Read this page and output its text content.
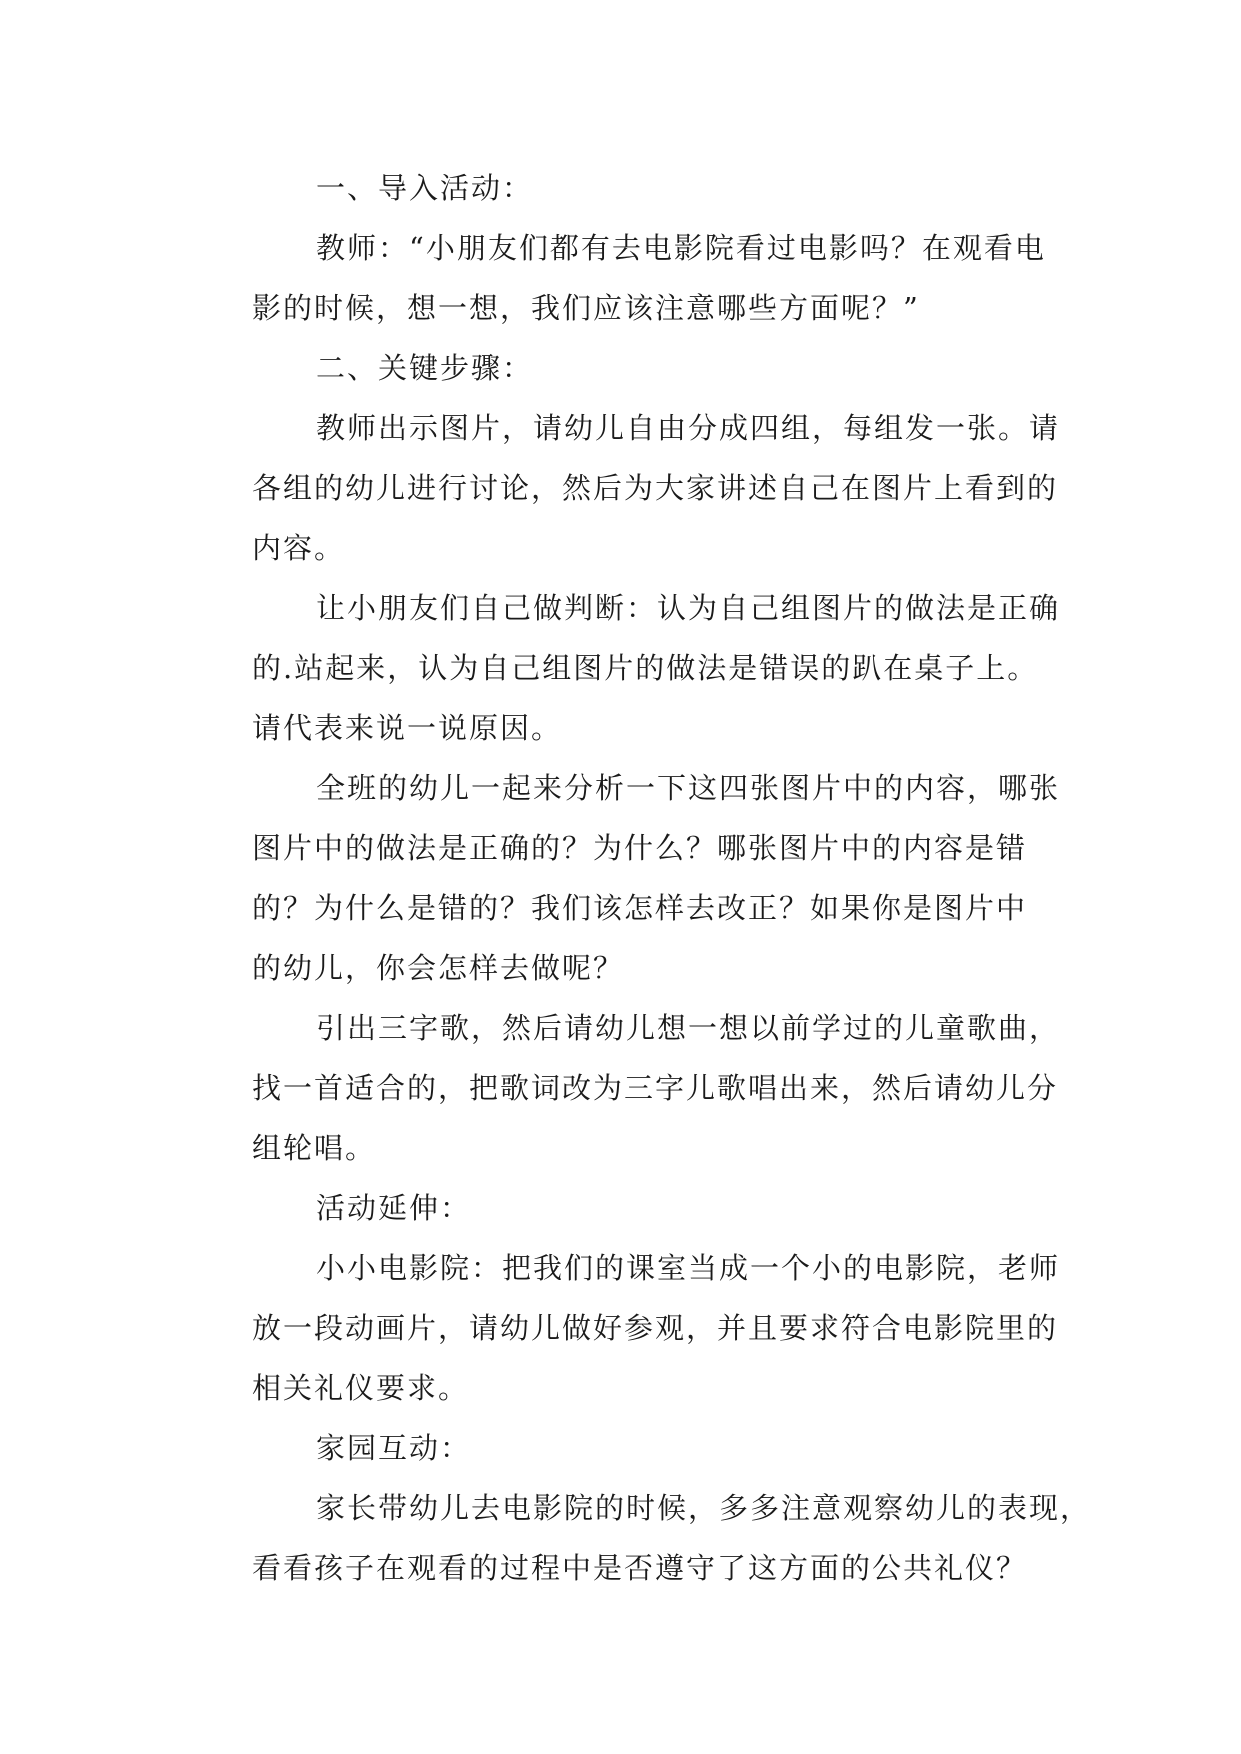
一、导入活动：
教师：“小朋友们都有去电影院看过电影吗？在观看电
影的时候，想一想，我们应该注意哪些方面呢？”
二、关键步骤：
教师出示图片，请幼儿自由分成四组，每组发一张。请
各组的幼儿进行讨论，然后为大家讲述自己在图片上看到的
内容。
让小朋友们自己做判断：认为自己组图片的做法是正确
的.站起来，认为自己组图片的做法是错误的趴在桌子上。
请代表来说一说原因。
全班的幼儿一起来分析一下这四张图片中的内容，哪张
图片中的做法是正确的？为什么？哪张图片中的内容是错
的？为什么是错的？我们该怎样去改正？如果你是图片中
的幼儿，你会怎样去做呢？
引出三字歌，然后请幼儿想一想以前学过的儿童歌曲，
找一首适合的，把歌词改为三字儿歌唱出来，然后请幼儿分
组轮唱。
活动延伸：
小小电影院：把我们的课室当成一个小的电影院，老师
放一段动画片，请幼儿做好参观，并且要求符合电影院里的
相关礼仪要求。
家园互动：
家长带幼儿去电影院的时候，多多注意观察幼儿的表现，
看看孩子在观看的过程中是否遵守了这方面的公共礼仪？
